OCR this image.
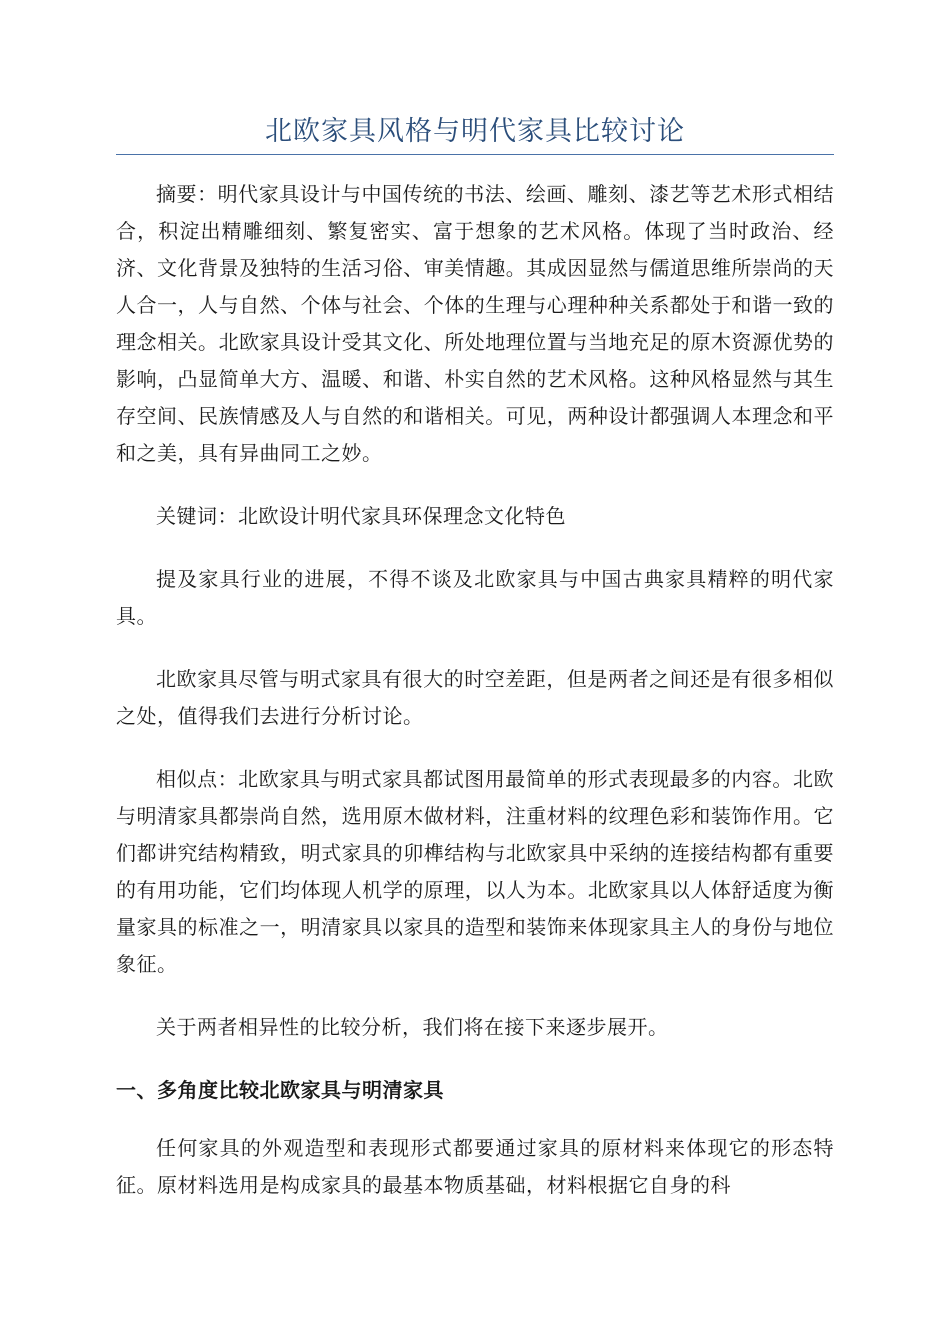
北欧家具风格与明代家具比较讨论

摘要：明代家具设计与中国传统的书法、绘画、雕刻、漆艺等艺术形式相结合，积淀出精雕细刻、繁复密实、富于想象的艺术风格。体现了当时政治、经济、文化背景及独特的生活习俗、审美情趣。其成因显然与儒道思维所崇尚的天人合一，人与自然、个体与社会、个体的生理与心理种种关系都处于和谐一致的理念相关。北欧家具设计受其文化、所处地理位置与当地充足的原木资源优势的影响，凸显简单大方、温暖、和谐、朴实自然的艺术风格。这种风格显然与其生存空间、民族情感及人与自然的和谐相关。可见，两种设计都强调人本理念和平和之美，具有异曲同工之妙。

关键词：北欧设计明代家具环保理念文化特色

提及家具行业的进展，不得不谈及北欧家具与中国古典家具精粹的明代家具。

北欧家具尽管与明式家具有很大的时空差距，但是两者之间还是有很多相似之处，值得我们去进行分析讨论。

相似点：北欧家具与明式家具都试图用最简单的形式表现最多的内容。北欧与明清家具都崇尚自然，选用原木做材料，注重材料的纹理色彩和装饰作用。它们都讲究结构精致，明式家具的卯榫结构与北欧家具中采纳的连接结构都有重要的有用功能，它们均体现人机学的原理，以人为本。北欧家具以人体舒适度为衡量家具的标准之一，明清家具以家具的造型和装饰来体现家具主人的身份与地位象征。

关于两者相异性的比较分析，我们将在接下来逐步展开。

一、多角度比较北欧家具与明清家具

任何家具的外观造型和表现形式都要通过家具的原材料来体现它的形态特征。原材料选用是构成家具的最基本物质基础，材料根据它自身的科
